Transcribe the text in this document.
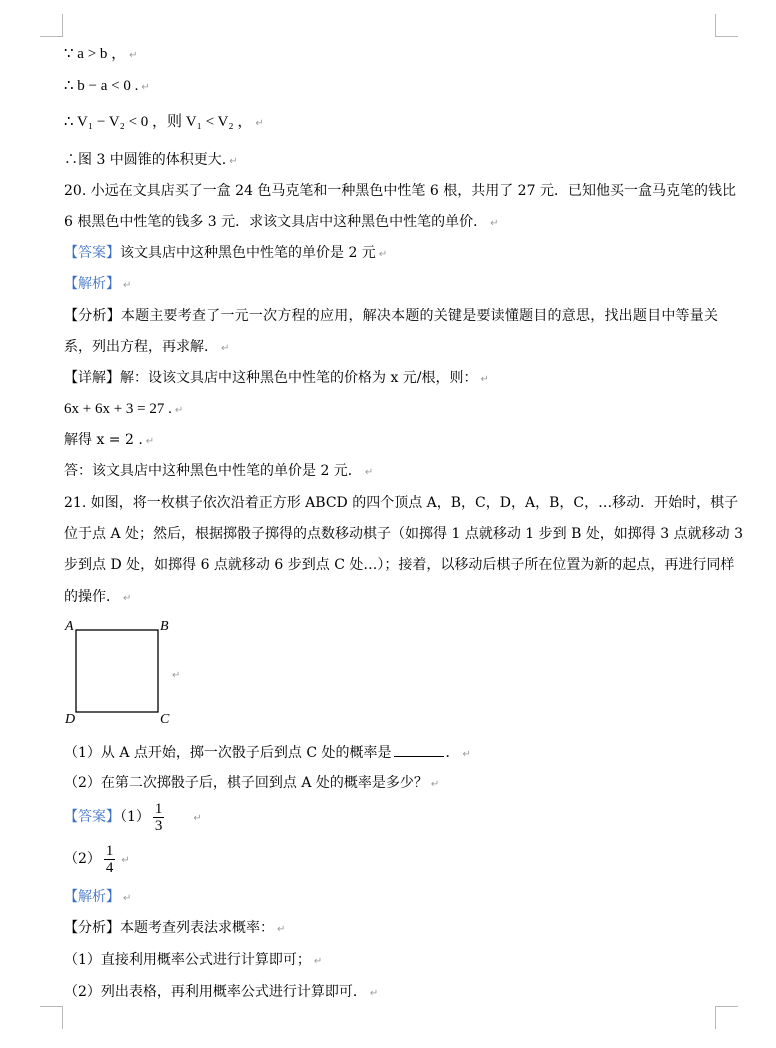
∵ a > b ， ↵
∴ b − a < 0 . ↵
∴ V₁ − V₂ < 0 ，则 V₁ < V₂ ， ↵
∴图 3 中圆锥的体积更大. ↵
20. 小远在文具店买了一盒 24 色马克笔和一种黑色中性笔 6 根，共用了 27 元．已知他买一盒马克笔的钱比
6 根黑色中性笔的钱多 3 元．求该文具店中这种黑色中性笔的单价． ↵
【答案】该文具店中这种黑色中性笔的单价是 2 元 ↵
【解析】 ↵
【分析】本题主要考查了一元一次方程的应用，解决本题的关键是要读懂题目的意思，找出题目中等量关
系，列出方程，再求解． ↵
【详解】解：设该文具店中这种黑色中性笔的价格为 x 元/根，则： ↵
6x + 6x + 3 = 27 . ↵
解得 x = 2 . ↵
答：该文具店中这种黑色中性笔的单价是 2 元． ↵
21. 如图，将一枚棋子依次沿着正方形 ABCD 的四个顶点 A，B，C，D，A，B，C，…移动．开始时，棋子
位于点 A 处；然后，根据掷骰子掷得的点数移动棋子（如掷得 1 点就移动 1 步到 B 处，如掷得 3 点就移动 3
步到点 D 处，如掷得 6 点就移动 6 步到点 C 处…）；接着，以移动后棋子所在位置为新的起点，再进行同样
的操作． ↵
A	B
C
D
↵
（1）从 A 点开始，掷一次骰子后到点 C 处的概率是	． ↵
（2）在第二次掷骰子后，棋子回到点 A 处的概率是多少？ ↵
【答案】$(1) \frac{1}{3}$	↵
$(2) \frac{1}{4}$ ↵
【解析】 ↵
【分析】本题考查列表法求概率： ↵
（1）直接利用概率公式进行计算即可； ↵
（2）列出表格，再利用概率公式进行计算即可． ↵
